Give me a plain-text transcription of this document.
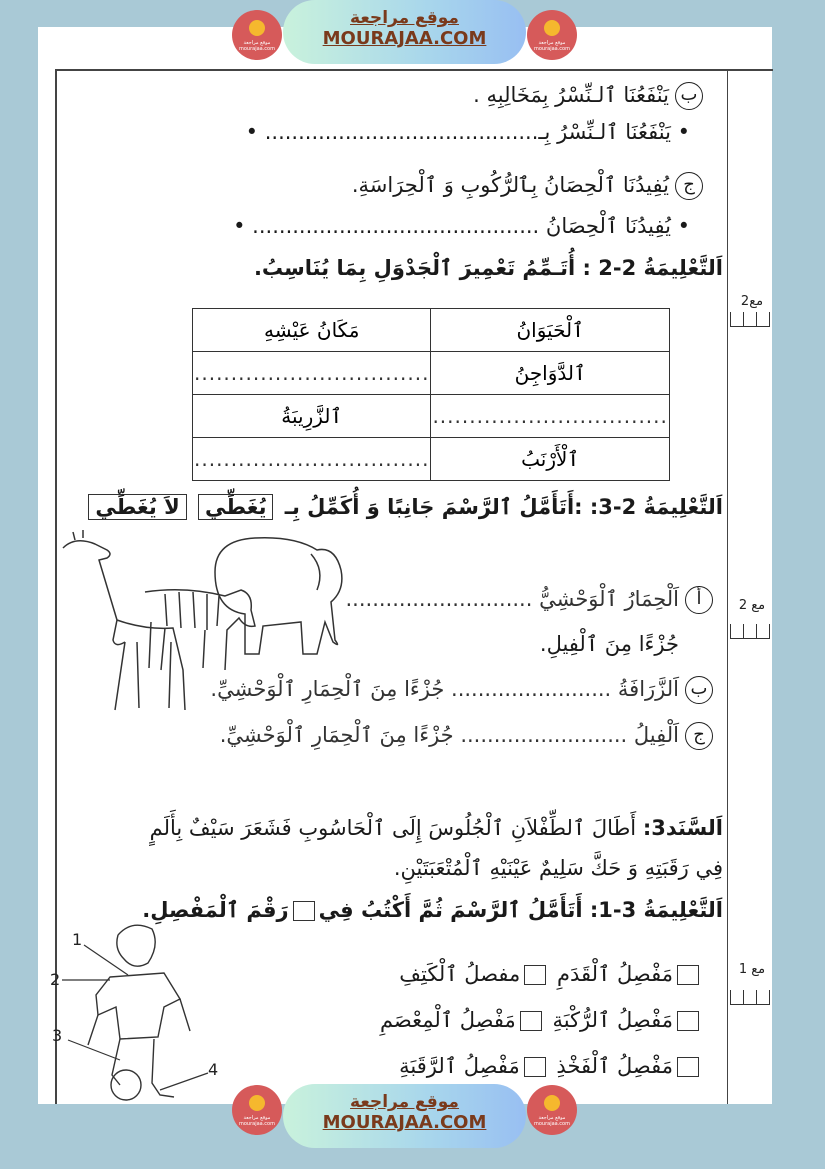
موقع مراجعة mourajaa.com
موقع مراجعة
MOURAJAA.COM	موقع مراجعة mourajaa.com
بيَنْفَعُنَا ٱلـنِّسْرُ بِمَخَالِبِهِ .
• يَنْفَعُنَا ٱلـنِّسْرُ بِـ......................................... •
جيُفِيدُنَا ٱلْحِصَانُ بِٱلرُّكُوبِ وَ ٱلْحِرَاسَةِ.
• يُفِيدُنَا ٱلْحِصَانُ ........................................... •
اَلتَّعْلِيمَةُ 2-2 : أُتَـمِّمُ تَعْمِيرَ ٱلْجَدْوَلِ بِمَا يُنَاسِبُ.
مع2
ٱلْحَيَوَانُ	مَكَانُ عَيْشِهِ
ٱلدَّوَاجِنُ	................................
................................	ٱلزَّرِيبَةُ
ٱلْأَرْنَبُ	................................
اَلتَّعْلِيمَةُ 2-3: :أَتَأَمَّلُ ٱلرَّسْمَ جَانِبًا وَ أُكَمِّلُ بِـ يُغَطِّي لاَ يُغَطِّي
مع 2
أاَلْحِمَارُ ٱلْوَحْشِيُّ ............................
جُزْءًا مِنَ ٱلْفِيلِ.
باَلزَّرَافَةُ ........................ جُزْءًا مِنَ ٱلْحِمَارِ ٱلْوَحْشِيِّ.
جاَلْفِيلُ ......................... جُزْءًا مِنَ ٱلْحِمَارِ ٱلْوَحْشِيِّ.
اَلسَّنَد3: أَطَالَ ٱلطِّفْلاَنِ ٱلْجُلُوسَ إِلَى ٱلْحَاسُوبِ فَشَعَرَ سَيْفٌ بِأَلَمٍ
فِي رَقَبَتِهِ وَ حَكَّ سَلِيمٌ عَيْنَيْهِ ٱلْمُتْعَبَتَيْنِ.
اَلتَّعْلِيمَةُ 3-1: أَتَأَمَّلُ ٱلرَّسْمَ ثُمَّ أَكْتُبُ فِيرَقْمَ ٱلْمَفْصِلِ.
1
2
3
4
مع 1
مَفْصِلُ ٱلْقَدَمِ مفصلُ ٱلْكَتِفِ
مَفْصِلُ ٱلرُّكْبَةِ مَفْصِلُ ٱلْمِعْصَمِ
مَفْصِلُ ٱلْفَخْذِ مَفْصِلُ ٱلرَّقَبَةِ
موقع مراجعة mourajaa.com
موقع مراجعة
MOURAJAA.COM	موقع مراجعة mourajaa.com
